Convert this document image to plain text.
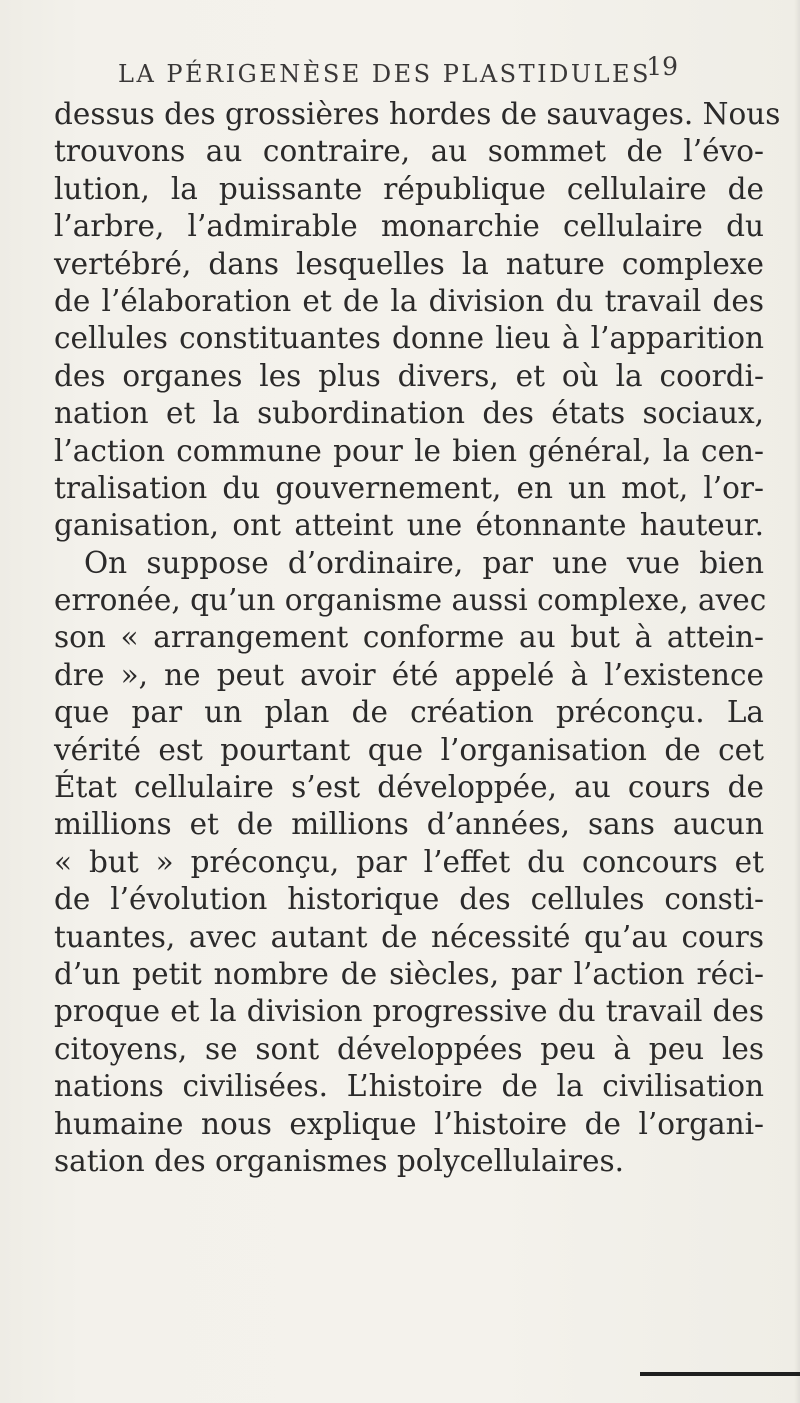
LA PÉRIGENÈSE DES PLASTIDULES
19
dessus des grossières hordes de sauvages. Nous
trouvons au contraire, au sommet de l’évo-
lution, la puissante république cellulaire de
l’arbre, l’admirable monarchie cellulaire du
vertébré, dans lesquelles la nature complexe
de l’élaboration et de la division du travail des
cellules constituantes donne lieu à l’apparition
des organes les plus divers, et où la coordi-
nation et la subordination des états sociaux,
l’action commune pour le bien général, la cen-
tralisation du gouvernement, en un mot, l’or-
ganisation, ont atteint une étonnante hauteur.
On suppose d’ordinaire, par une vue bien
erronée, qu’un organisme aussi complexe, avec
son « arrangement conforme au but à attein-
dre », ne peut avoir été appelé à l’existence
que par un plan de création préconçu. La
vérité est pourtant que l’organisation de cet
État cellulaire s’est développée, au cours de
millions et de millions d’années, sans aucun
« but » préconçu, par l’effet du concours et
de l’évolution historique des cellules consti-
tuantes, avec autant de nécessité qu’au cours
d’un petit nombre de siècles, par l’action réci-
proque et la division progressive du travail des
citoyens, se sont développées peu à peu les
nations civilisées. L’histoire de la civilisation
humaine nous explique l’histoire de l’organi-
sation des organismes polycellulaires.
